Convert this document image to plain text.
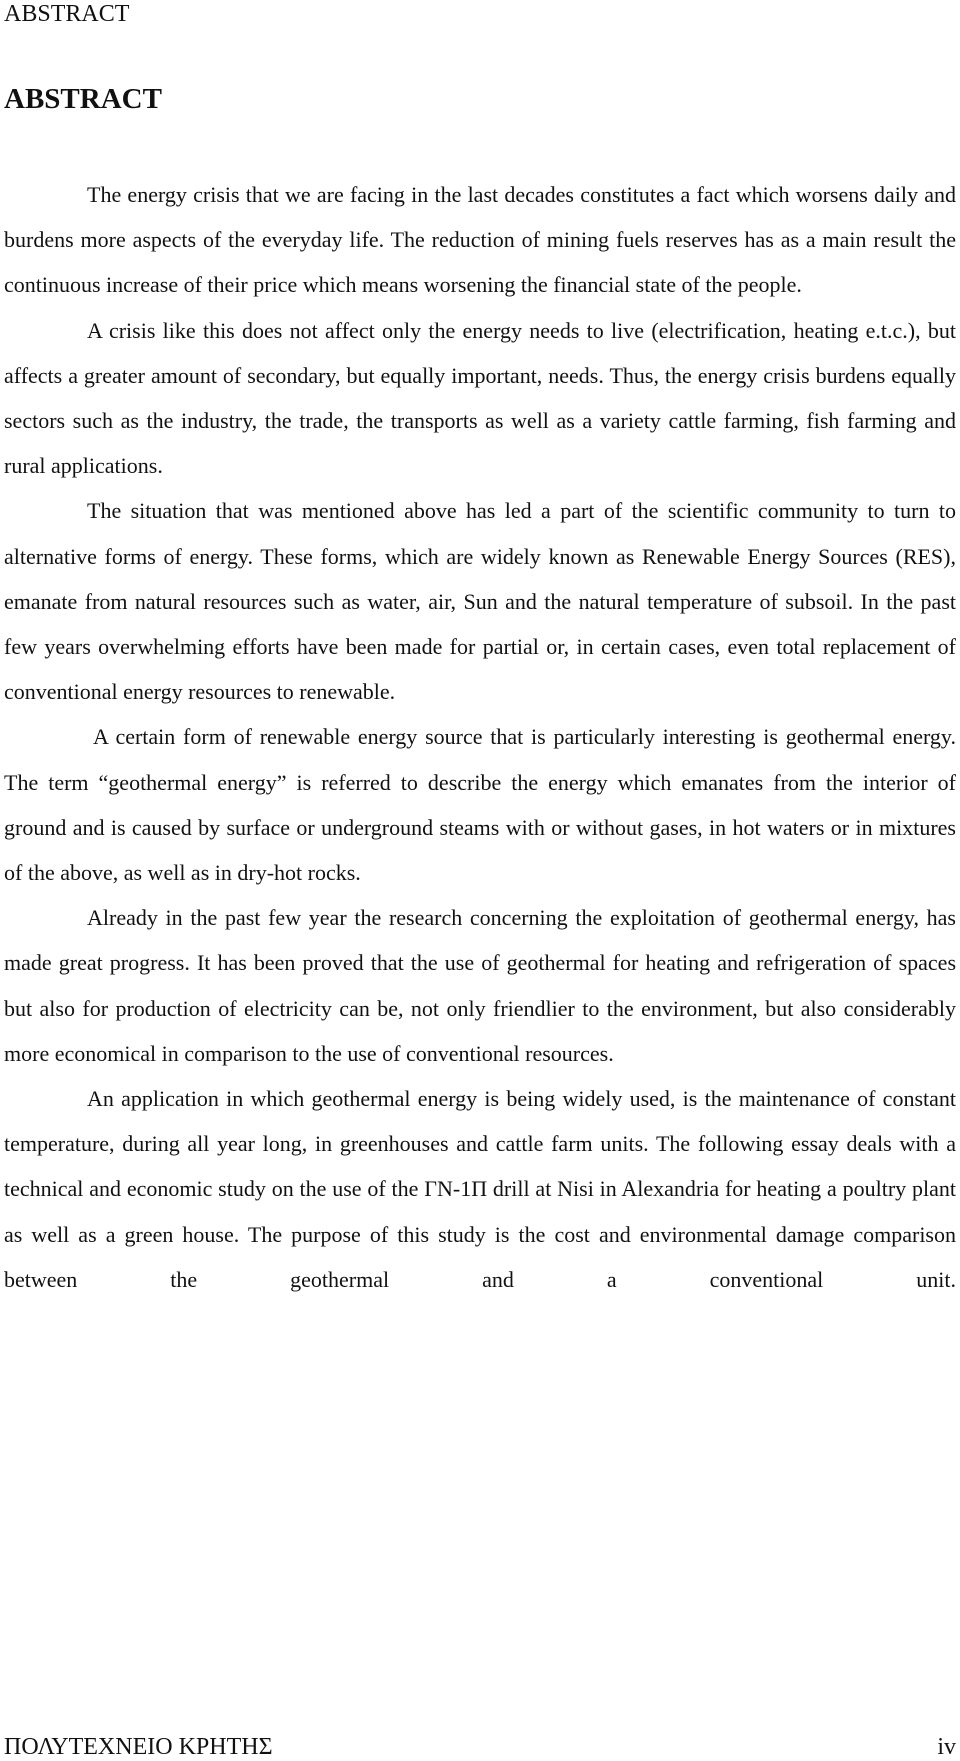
ABSTRACT
ABSTRACT

The energy crisis that we are facing in the last decades constitutes a fact which worsens daily and burdens more aspects of the everyday life. The reduction of mining fuels reserves has as a main result the continuous increase of their price which means worsening the financial state of the people.

A crisis like this does not affect only the energy needs to live (electrification, heating e.t.c.), but affects a greater amount of secondary, but equally important, needs. Thus, the energy crisis burdens equally sectors such as the industry, the trade, the transports as well as a variety cattle farming, fish farming and rural applications.

The situation that was mentioned above has led a part of the scientific community to turn to alternative forms of energy. These forms, which are widely known as Renewable Energy Sources (RES), emanate from natural resources such as water, air, Sun and the natural temperature of subsoil. In the past few years overwhelming efforts have been made for partial or, in certain cases, even total replacement of conventional energy resources to renewable.

A certain form of renewable energy source that is particularly interesting is geothermal energy. The term “geothermal energy” is referred to describe the energy which emanates from the interior of ground and is caused by surface or underground steams with or without gases, in hot waters or in mixtures of the above, as well as in dry-hot rocks.

Already in the past few year the research concerning the exploitation of geothermal energy, has made great progress. It has been proved that the use of geothermal for heating and refrigeration of spaces but also for production of electricity can be, not only friendlier to the environment, but also considerably more economical in comparison to the use of conventional resources.

An application in which geothermal energy is being widely used, is the maintenance of constant temperature, during all year long, in greenhouses and cattle farm units. The following essay deals with a technical and economic study on the use of the ΓΝ-1Π drill at Nisi in Alexandria for heating a poultry plant as well as a green house. The purpose of this study is the cost and environmental damage comparison between the geothermal and a conventional unit.

ΠΟΛΥΤΕΧΝΕΙΟ ΚΡΗΤΗΣ	iv
